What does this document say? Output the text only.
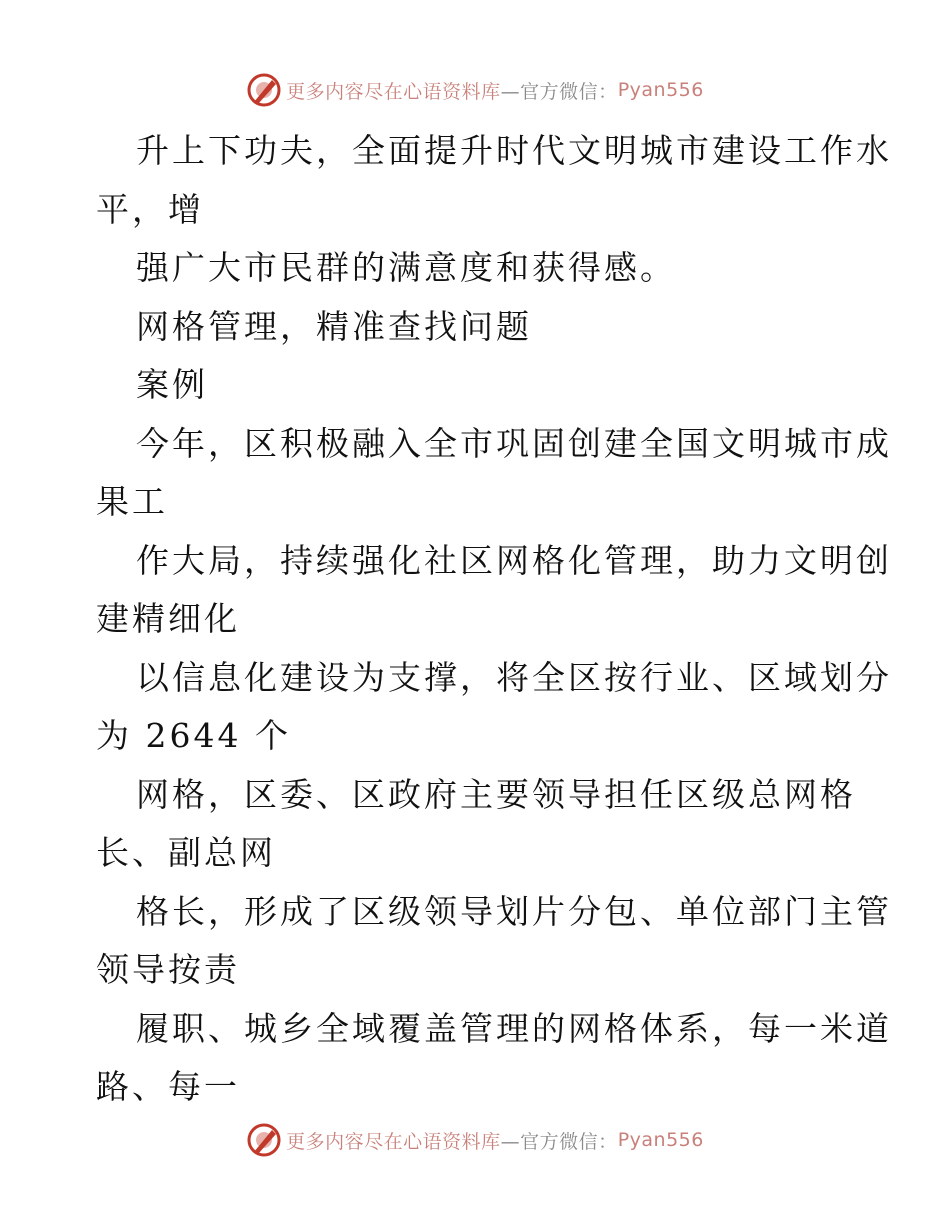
更多内容尽在心语资料库 —官方微信： Pyan556

升上下功夫，全面提升时代文明城市建设工作水

平，增

强广大市民群的满意度和获得感。

网格管理，精准查找问题

案例

今年，区积极融入全市巩固创建全国文明城市成

果工

作大局，持续强化社区网格化管理，助力文明创

建精细化

以信息化建设为支撑，将全区按行业、区域划分

为 2644 个

网格，区委、区政府主要领导担任区级总网格

长、副总网

格长，形成了区级领导划片分包、单位部门主管

领导按责

履职、城乡全域覆盖管理的网格体系，每一米道

路、每一

更多内容尽在心语资料库 —官方微信： Pyan556
